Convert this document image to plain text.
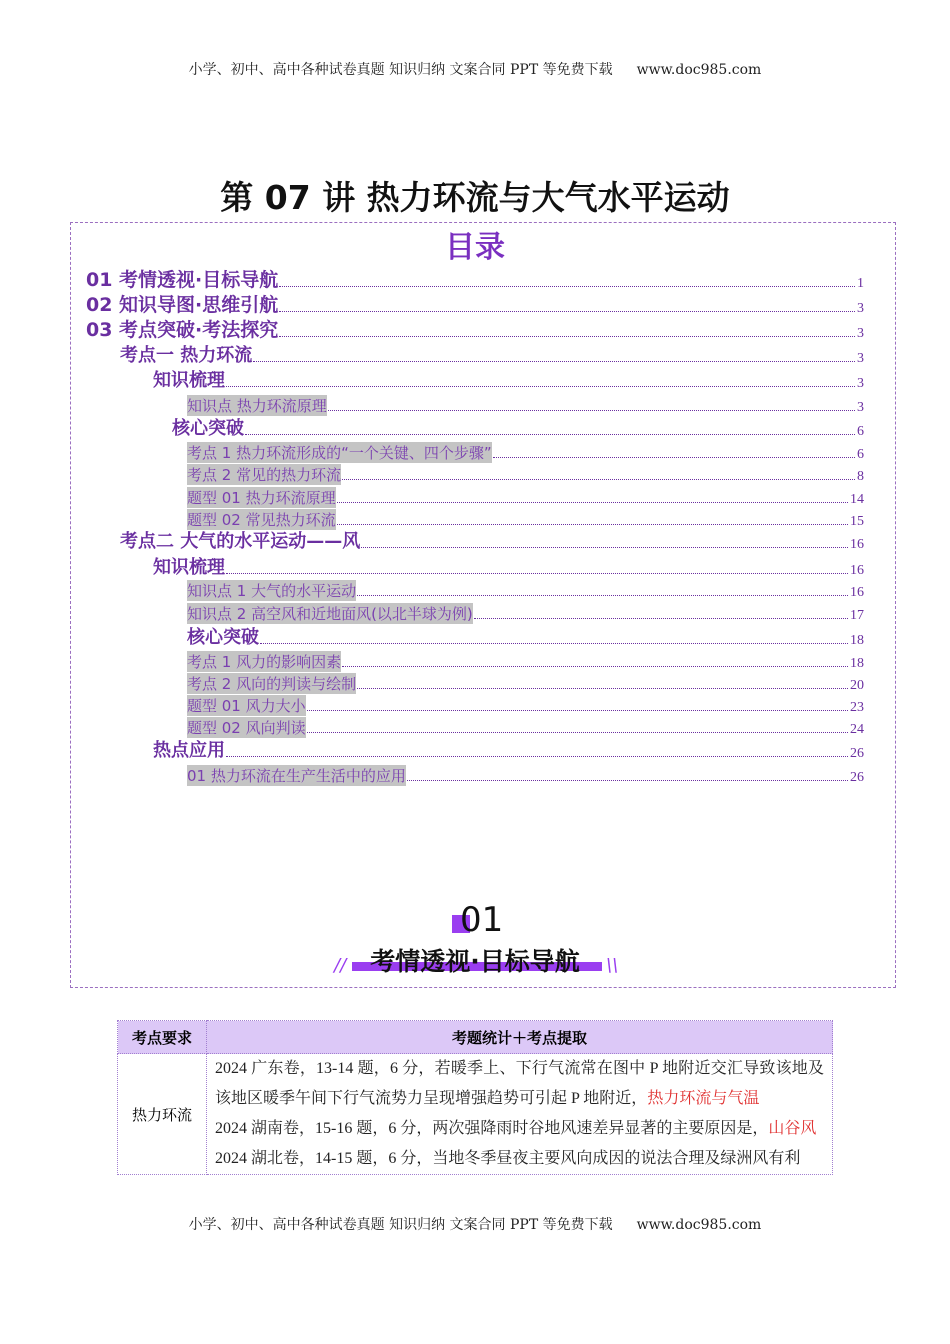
小学、初中、高中各种试卷真题 知识归纳 文案合同 PPT 等免费下载 www.doc985.com
第 07 讲 热力环流与大气水平运动
目录
01 考情透视·目标导航	1
02 知识导图·思维引航	3
03 考点突破·考法探究	3
考点一 热力环流	3
知识梳理	3
知识点 热力环流原理	3
核心突破	6
考点 1 热力环流形成的“一个关键、四个步骤”	6
考点 2 常见的热力环流	8
题型 01 热力环流原理	14
题型 02 常见热力环流	15
考点二 大气的水平运动——风	16
知识梳理	16
知识点 1 大气的水平运动	16
知识点 2 高空风和近地面风(以北半球为例)	17
核心突破	18
考点 1 风力的影响因素	18
考点 2 风向的判读与绘制	20
题型 01 风力大小	23
题型 02 风向判读	24
热点应用	26
01 热力环流在生产生活中的应用	26
01
//	\\
考情透视·目标导航
考点要求	考题统计＋考点提取
热力环流	2024 广东卷，13-14 题，6 分，若暖季上、下行气流常在图中 P 地附近交汇导致该地及该地区暖季午间下行气流势力呈现增强趋势可引起 P 地附近，热力环流与气温
2024 湖南卷，15-16 题，6 分，两次强降雨时谷地风速差异显著的主要原因是，山谷风
2024 湖北卷，14-15 题，6 分，当地冬季昼夜主要风向成因的说法合理及绿洲风有利
小学、初中、高中各种试卷真题 知识归纳 文案合同 PPT 等免费下载 www.doc985.com
